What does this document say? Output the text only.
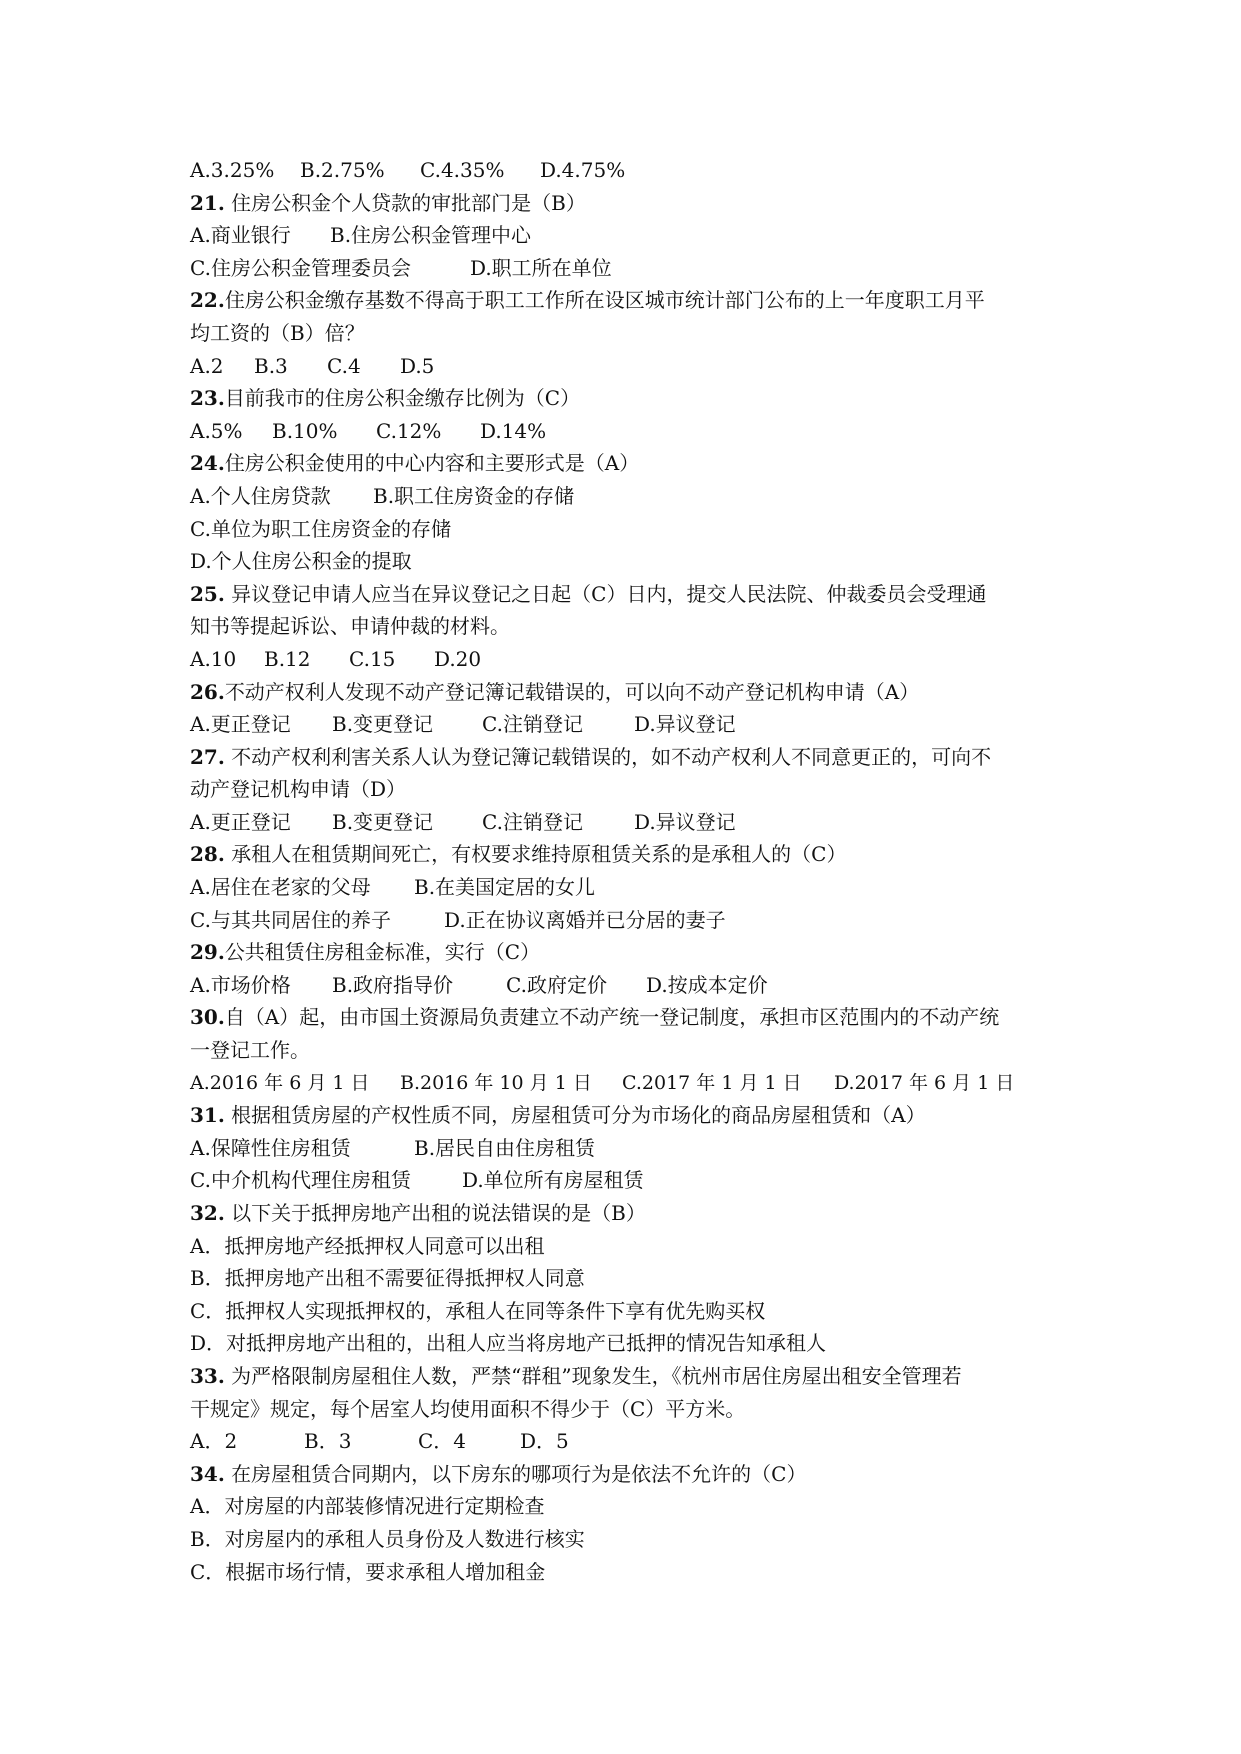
A.3.25% B.2.75% C.4.35% D.4.75%
21. 住房公积金个人贷款的审批部门是（B）
A.商业银行 B.住房公积金管理中心
C.住房公积金管理委员会	D.职工所在单位
22.住房公积金缴存基数不得高于职工工作所在设区城市统计部门公布的上一年度职工月平
均工资的（B）倍？
A.2 B.3 C.4 D.5
23.目前我市的住房公积金缴存比例为（C）
A.5% B.10% C.12% D.14%
24.住房公积金使用的中心内容和主要形式是（A）
A.个人住房贷款 B.职工住房资金的存储
C.单位为职工住房资金的存储
D.个人住房公积金的提取
25. 异议登记申请人应当在异议登记之日起（C）日内，提交人民法院、仲裁委员会受理通
知书等提起诉讼、申请仲裁的材料。
A.10 B.12 C.15 D.20
26.不动产权利人发现不动产登记簿记载错误的，可以向不动产登记机构申请（A）
A.更正登记 B.变更登记 C.注销登记	D.异议登记
27. 不动产权利利害关系人认为登记簿记载错误的，如不动产权利人不同意更正的，可向不
动产登记机构申请（D）
A.更正登记 B.变更登记 C.注销登记	D.异议登记
28. 承租人在租赁期间死亡，有权要求维持原租赁关系的是承租人的（C）
A.居住在老家的父母 B.在美国定居的女儿
C.与其共同居住的养子	D.正在协议离婚并已分居的妻子
29.公共租赁住房租金标准，实行（C）
A.市场价格 B.政府指导价	C.政府定价 D.按成本定价
30.自（A）起，由市国土资源局负责建立不动产统一登记制度，承担市区范围内的不动产统
一登记工作。
A.2016 年 6 月 1 日 B.2016 年 10 月 1 日 C.2017 年 1 月 1 日 D.2017 年 6 月 1 日
31. 根据租赁房屋的产权性质不同，房屋租赁可分为市场化的商品房屋租赁和（A）
A.保障性住房租赁	B.居民自由住房租赁
C.中介机构代理住房租赁	D.单位所有房屋租赁
32. 以下关于抵押房地产出租的说法错误的是（B）
A．抵押房地产经抵押权人同意可以出租
B．抵押房地产出租不需要征得抵押权人同意
C．抵押权人实现抵押权的，承租人在同等条件下享有优先购买权
D．对抵押房地产出租的，出租人应当将房地产已抵押的情况告知承租人
33. 为严格限制房屋租住人数，严禁“群租”现象发生，《杭州市居住房屋出租安全管理若
干规定》规定，每个居室人均使用面积不得少于（C）平方米。
A．2	B．3	C．4	D．5
34. 在房屋租赁合同期内，以下房东的哪项行为是依法不允许的（C）
A．对房屋的内部装修情况进行定期检查
B．对房屋内的承租人员身份及人数进行核实
C．根据市场行情，要求承租人增加租金
